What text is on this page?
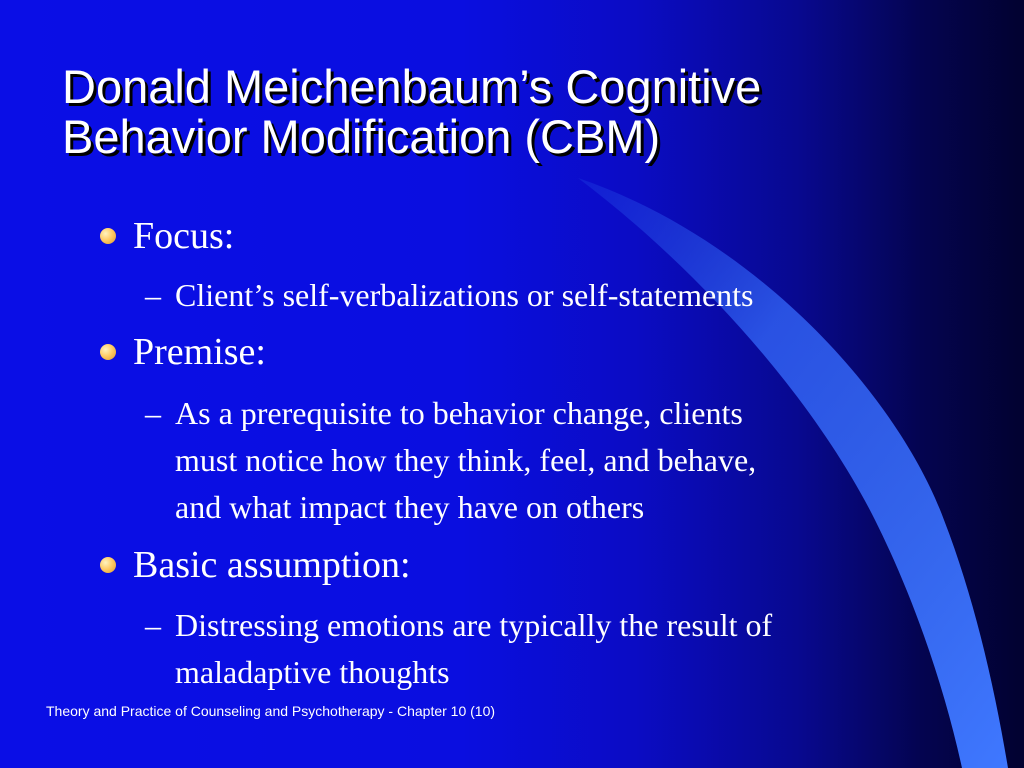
Donald Meichenbaum’s Cognitive
Behavior Modification (CBM)
Focus:
– Client’s self-verbalizations or self-statements
Premise:
– As a prerequisite to behavior change, clients
must notice how they think, feel, and behave,
and what impact they have on others
Basic assumption:
– Distressing emotions are typically the result of
maladaptive thoughts
Theory and Practice of Counseling and Psychotherapy - Chapter 10 (10)
